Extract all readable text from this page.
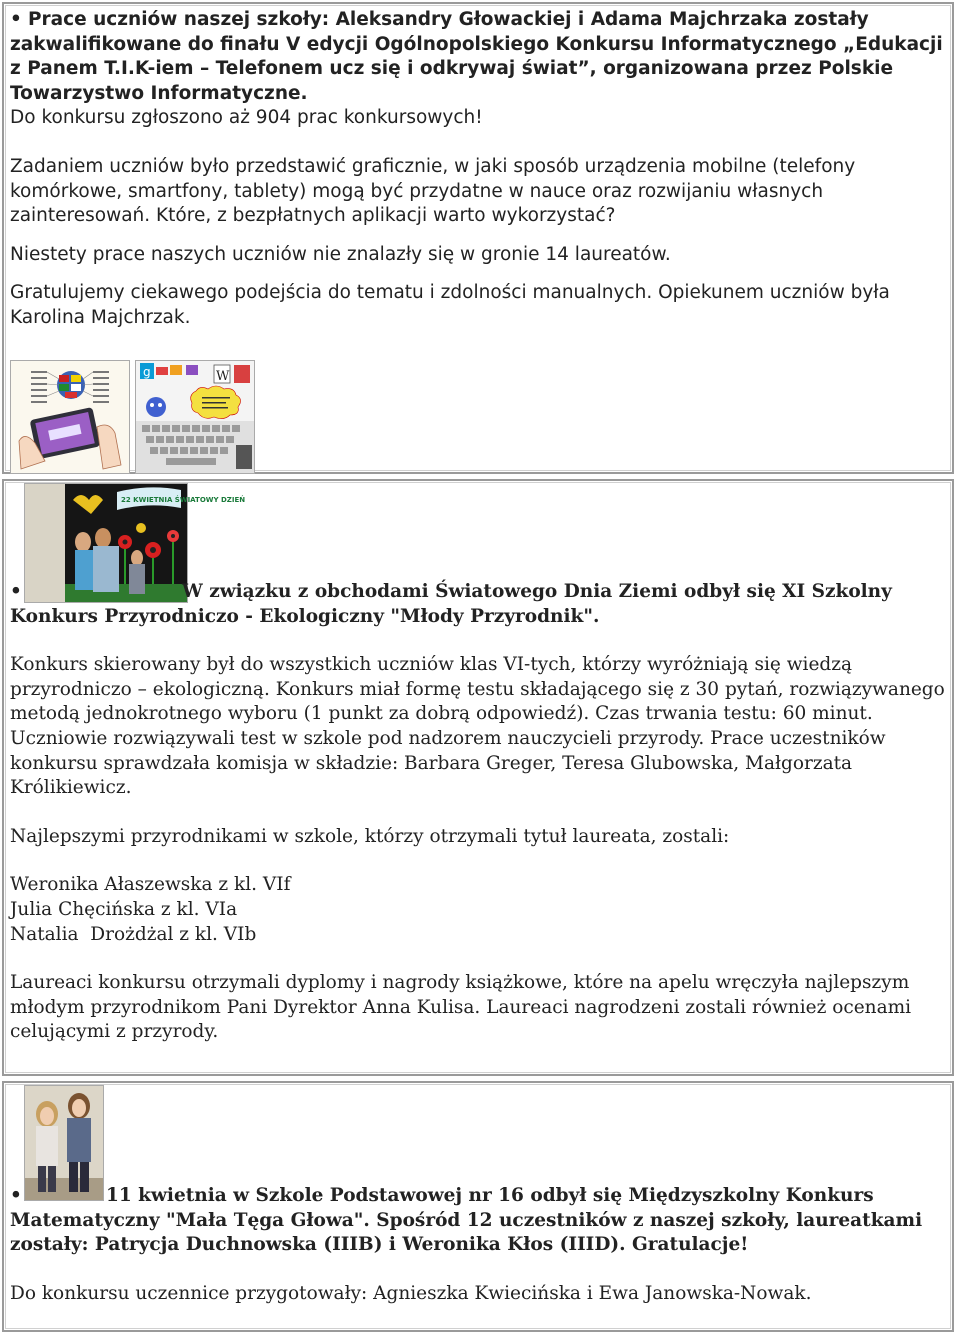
• Prace uczniów naszej szkoły: Aleksandry Głowackiej i Adama Majchrzaka zostały zakwalifikowane do finału V edycji Ogólnopolskiego Konkursu Informatycznego „Edukacji z Panem T.I.K-iem – Telefonem ucz się i odkrywaj świat”, organizowana przez Polskie Towarzystwo Informatyczne.

Do konkursu zgłoszono aż 904 prac konkursowych!

Zadaniem uczniów było przedstawić graficznie, w jaki sposób urządzenia mobilne (telefony komórkowe, smartfony, tablety) mogą być przydatne w nauce oraz rozwijaniu własnych zainteresowań. Które, z bezpłatnych aplikacji warto wykorzystać?

Niestety prace naszych uczniów nie znalazły się w gronie 14 laureatów.

Gratulujemy ciekawego podejścia do tematu i zdolności manualnych. Opiekunem uczniów była Karolina Majchrzak.

g	W
22 KWIETNIA ŚWIATOWY DZIEŃ

•	W związku z obchodami Światowego Dnia Ziemi odbył się XI Szkolny Konkurs Przyrodniczo - Ekologiczny "Młody Przyrodnik".

Konkurs skierowany był do wszystkich uczniów klas VI-tych, którzy wyróżniają się wiedzą przyrodniczo – ekologiczną. Konkurs miał formę testu składającego się z 30 pytań, rozwiązywanego metodą jednokrotnego wyboru (1 punkt za dobrą odpowiedź). Czas trwania testu: 60 minut. Uczniowie rozwiązywali test w szkole pod nadzorem nauczycieli przyrody. Prace uczestników konkursu sprawdzała komisja w składzie: Barbara Greger, Teresa Glubowska, Małgorzata Królikiewicz.

Najlepszymi przyrodnikami w szkole, którzy otrzymali tytuł laureata, zostali:

Weronika Ałaszewska z kl. VIf

Julia Chęcińska z kl. VIa

Natalia  Drożdżal z kl. VIb

Laureaci konkursu otrzymali dyplomy i nagrody książkowe, które na apelu wręczyła najlepszym młodym przyrodnikom Pani Dyrektor Anna Kulisa. Laureaci nagrodzeni zostali również ocenami celującymi z przyrody.

•	11 kwietnia w Szkole Podstawowej nr 16 odbył się Międzyszkolny Konkurs Matematyczny "Mała Tęga Głowa". Spośród 12 uczestników z naszej szkoły, laureatkami zostały: Patrycja Duchnowska (IIIB) i Weronika Kłos (IIID). Gratulacje!

Do konkursu uczennice przygotowały: Agnieszka Kwiecińska i Ewa Janowska-Nowak.
